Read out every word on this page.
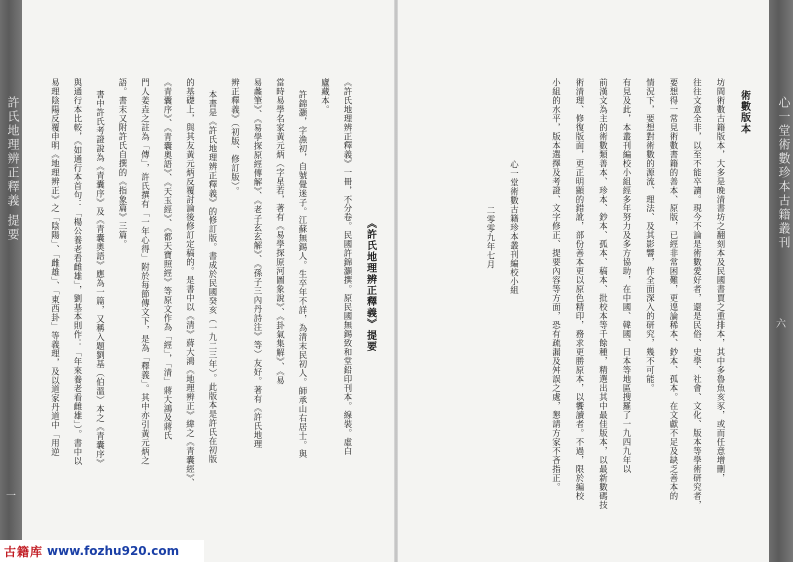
許氏地理辨正釋義 提要
一
《許氏地理辨正釋義》提要
《許氏地理辨正釋義》一冊，不分卷。民國許錦灝撰。原民國無錫致和堂鉛印刊本。線裝。虛白
廬藏本。
許錦灝，字漁初，自號覺迷子。江蘇無錫人。生卒年不詳，為清末民初人。師承山右居士。與
當時易學名家黃元炳（字星若，著有《易學探原河圖象說》、《卦氣集解》、《易
易蠡筆》、《易學探原經傳解》、《老子玄玄解》、《孫子三內丹詩注》等）友好。著有《許氏地理
辨正釋義》（初版、修訂版）。
本書是《許氏地理辨正釋義》的修訂版。書成於民國癸亥（一九二三年）。此版本是許氏在初版
的基礎上，與其友黃元炳反覆討論後修訂定稿的。是書中以《清》蔣大鴻《地理辨正》緯之《青囊經》、
《青囊序》、《青囊奧語》、《天玉經》、《都天寶照經》等原文作為「經」，「清」蔣大鴻及蔣氏
門人姜垚之註為「傳」，許氏撰有「一年心得」附於每節傳文下，是為「釋義」。其中亦引黃元炳之
語。書末又附許氏自撰的《指象篇》三篇。
書中許氏考證說為《青囊序》及《青囊奧語》應為一篇，又稱入題劉基（伯溫）本之《青囊序》
與通行本比較，《如通行本首句：「楊公養老看雌雄」，劉基本則作：「年來養老看雌雄」）。書中以
易理陰陽反覆申明《地理辨正》之「陰陽」、「雌雄」、「東西卦」等義理，及以道家丹道中「用逆	術數版本
坊間術數古籍版本，大多是晚清書坊之翻刻本及民國書賈之重排本，其中多魯魚亥豕，或而任意增刪，
往往文意全非，以至不能卒讀。現今不論是術數愛好者，還是民俗、史學、社會、文化、版本等學術研究者，
要想得一常見術數書籍的善本、原版，已經非常困難，更遑論稀本、鈔本、孤本。在文獻不足及缺乏善本的
情況下，要想對術數的源流、理法、及其影響，作全面深入的研究，幾不可能。
有見及此，本叢刊編校小組經多年努力及多方協助，在中國、韓國、日本等地區搜羅了一九四九年以
前漢文為主的術數類善本、珍本、鈔本、孤本、稿本、批校本等千餘種，精選出其中最佳版本，以最新數碼技
術清理、修復版面，更正明顯的錯訛，部份善本更以原色精印，務求更勝原本，以饗讀者。不過，限於編校
小組的水平，版本選擇及考證、文字修正、提要內容等方面，恐有疏漏及舛誤之處，懇請方家不吝指正。
心一堂術數古籍珍本叢刊編校小組
二零零九年七月	心一堂術數珍本古籍叢刊
六
古籍库 www.fozhu920.com
